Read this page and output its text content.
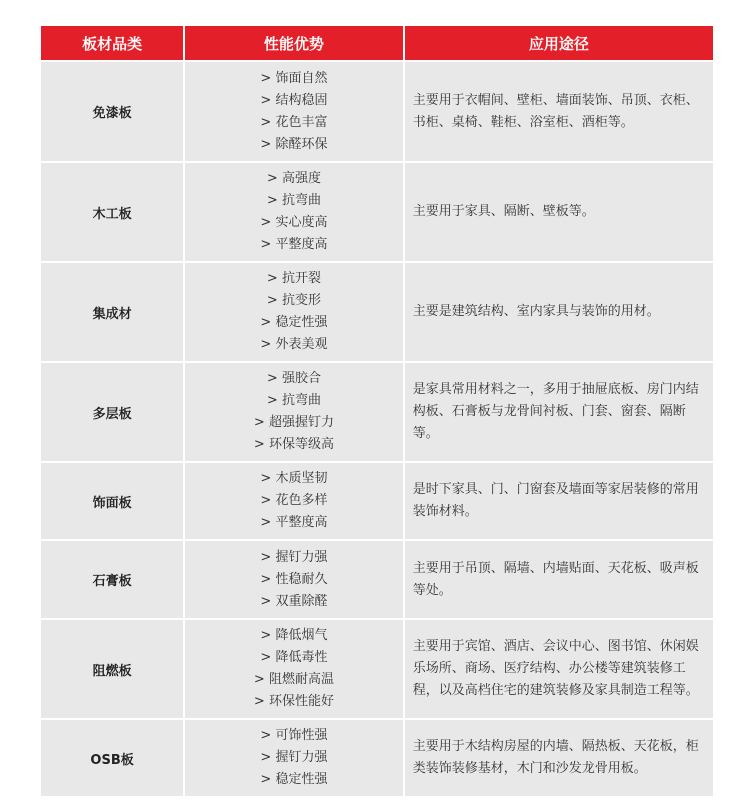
板材品类	性能优势	应用途径
免漆板	> 饰面自然
> 结构稳固
> 花色丰富
> 除醛环保	主要用于衣帽间、壁柜、墙面装饰、吊顶、衣柜、书柜、桌椅、鞋柜、浴室柜、酒柜等。
木工板	> 高强度
> 抗弯曲
> 实心度高
> 平整度高	主要用于家具、隔断、壁板等。
集成材	> 抗开裂
> 抗变形
> 稳定性强
> 外表美观	主要是建筑结构、室内家具与装饰的用材。
多层板	> 强胶合
> 抗弯曲
> 超强握钉力
> 环保等级高	是家具常用材料之一，多用于抽屉底板、房门内结构板、石膏板与龙骨间衬板、门套、窗套、隔断等。
饰面板	> 木质坚韧
> 花色多样
> 平整度高	是时下家具、门、门窗套及墙面等家居装修的常用装饰材料。
石膏板	> 握钉力强
> 性稳耐久
> 双重除醛	主要用于吊顶、隔墙、内墙贴面、天花板、吸声板等处。
阻燃板	> 降低烟气
> 降低毒性
> 阻燃耐高温
> 环保性能好	主要用于宾馆、酒店、会议中心、图书馆、休闲娱乐场所、商场、医疗结构、办公楼等建筑装修工程，以及高档住宅的建筑装修及家具制造工程等。
OSB板	> 可饰性强
> 握钉力强
> 稳定性强	主要用于木结构房屋的内墙、隔热板、天花板，柜类装饰装修基材，木门和沙发龙骨用板。
